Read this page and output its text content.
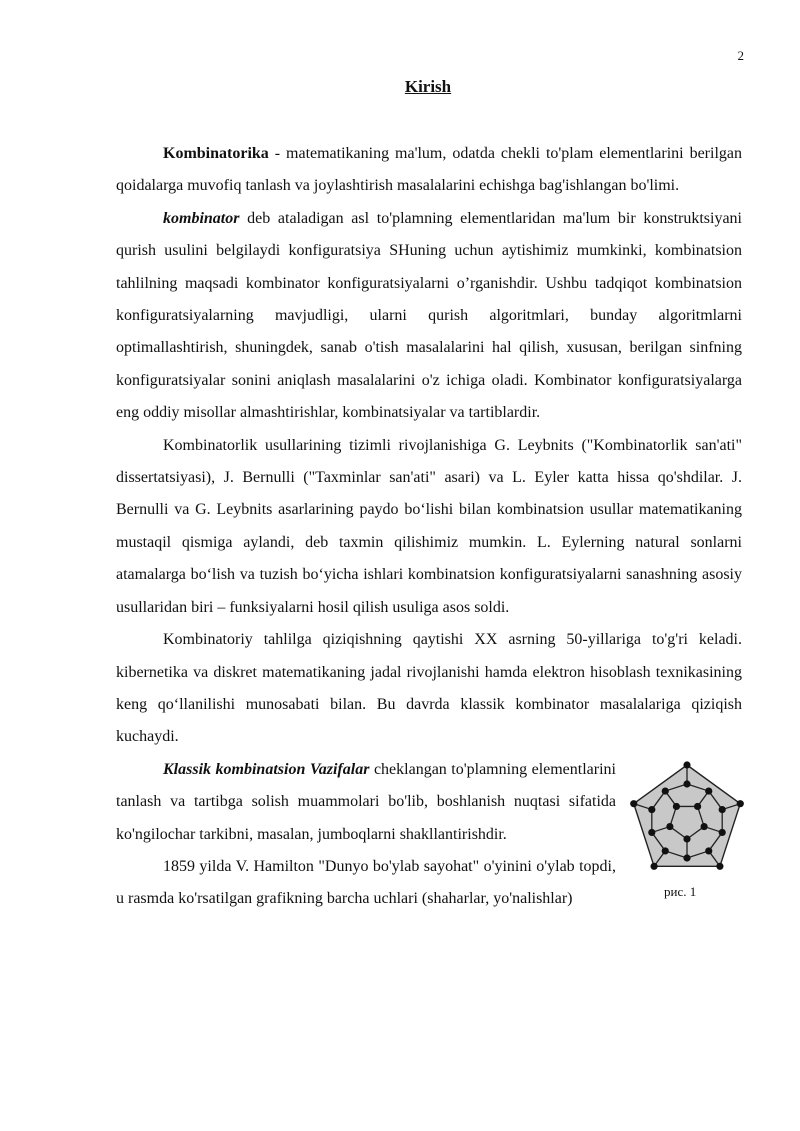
2
Kirish

Kombinatorika - matematikaning ma'lum, odatda chekli to'plam elementlarini berilgan qoidalarga muvofiq tanlash va joylashtirish masalalarini echishga bag'ishlangan bo'limi.

kombinator deb ataladigan asl to'plamning elementlaridan ma'lum bir konstruktsiyani qurish usulini belgilaydi konfiguratsiya SHuning uchun aytishimiz mumkinki, kombinatsion tahlilning maqsadi kombinator konfiguratsiyalarni o’rganishdir. Ushbu tadqiqot kombinatsion konfiguratsiyalarning mavjudligi, ularni qurish algoritmlari, bunday algoritmlarni optimallashtirish, shuningdek, sanab o'tish masalalarini hal qilish, xususan, berilgan sinfning konfiguratsiyalar sonini aniqlash masalalarini o'z ichiga oladi. Kombinator konfiguratsiyalarga eng oddiy misollar almashtirishlar, kombinatsiyalar va tartiblardir.

Kombinatorlik usullarining tizimli rivojlanishiga G. Leybnits ("Kombinatorlik san'ati" dissertatsiyasi), J. Bernulli ("Taxminlar san'ati" asari) va L. Eyler katta hissa qo'shdilar. J. Bernulli va G. Leybnits asarlarining paydo bo‘lishi bilan kombinatsion usullar matematikaning mustaqil qismiga aylandi, deb taxmin qilishimiz mumkin. L. Eylerning natural sonlarni atamalarga bo‘lish va tuzish bo‘yicha ishlari kombinatsion konfiguratsiyalarni sanashning asosiy usullaridan biri – funksiyalarni hosil qilish usuliga asos soldi.

Kombinatoriy tahlilga qiziqishning qaytishi XX asrning 50-yillariga to'g'ri keladi. kibernetika va diskret matematikaning jadal rivojlanishi hamda elektron hisoblash texnikasining keng qo‘llanilishi munosabati bilan. Bu davrda klassik kombinator masalalariga qiziqish kuchaydi.

рис. 1

Klassik kombinatsion Vazifalar cheklangan to'plamning elementlarini tanlash va tartibga solish muammolari bo'lib, boshlanish nuqtasi sifatida ko'ngilochar tarkibni, masalan, jumboqlarni shakllantirishdir.

1859 yilda V. Hamilton "Dunyo bo'ylab sayohat" o'yinini o'ylab topdi, u rasmda ko'rsatilgan grafikning barcha uchlari (shaharlar, yo'nalishlar)
